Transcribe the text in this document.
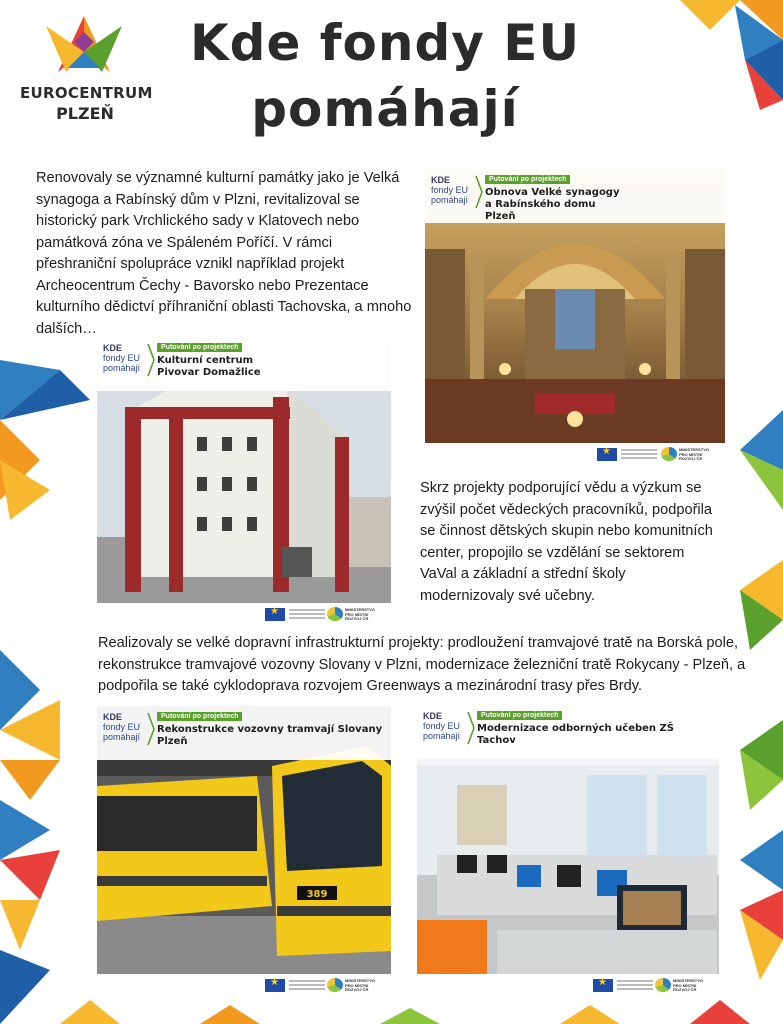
EUROCENTRUM
PLZEŇ
Kde fondy EU
pomáhají
Renovovaly se významné kulturní památky jako je Velká synagoga a Rabínský dům v Plzni, revitalizoval se historický park Vrchlického sady v Klatovech nebo památková zóna ve Spáleném Poříčí. V rámci přeshraniční spolupráce vznikl například projekt Archeocentrum Čechy - Bavorsko nebo Prezentace kulturního dědictví příhraniční oblasti Tachovska, a mnoho dalších…
KDE
fondy EU
pomáhají
Putování po projektech
Obnova Velké synagogy
a Rabínského domu
Plzeň
★
MINISTERSTVO
PRO MÍSTNÍ
ROZVOJ ČR
KDE
fondy EU
pomáhají
Putování po projektech
Kulturní centrum
Pivovar Domažlice
★
MINISTERSTVO
PRO MÍSTNÍ
ROZVOJ ČR
Skrz projekty podporující vědu a výzkum se zvýšil počet vědeckých pracovníků, podpořila se činnost dětských skupin nebo komunitních center, propojilo se vzdělání se sektorem VaVal a základní a střední školy modernizovaly své učebny.
Realizovaly se velké dopravní infrastrukturní projekty: prodloužení tramvajové tratě na Borská pole, rekonstrukce tramvajové vozovny Slovany v Plzni, modernizace železniční tratě Rokycany - Plzeň, a podpořila se také cyklodoprava rozvojem Greenways a mezinárodní trasy přes Brdy.
389
KDE
fondy EU
pomáhají
Putování po projektech
Rekonstrukce vozovny tramvají Slovany
Plzeň
★
MINISTERSTVO
PRO MÍSTNÍ
ROZVOJ ČR
KDE
fondy EU
pomáhají
Putování po projektech
Modernizace odborných učeben ZŠ
Tachov
★
MINISTERSTVO
PRO MÍSTNÍ
ROZVOJ ČR
